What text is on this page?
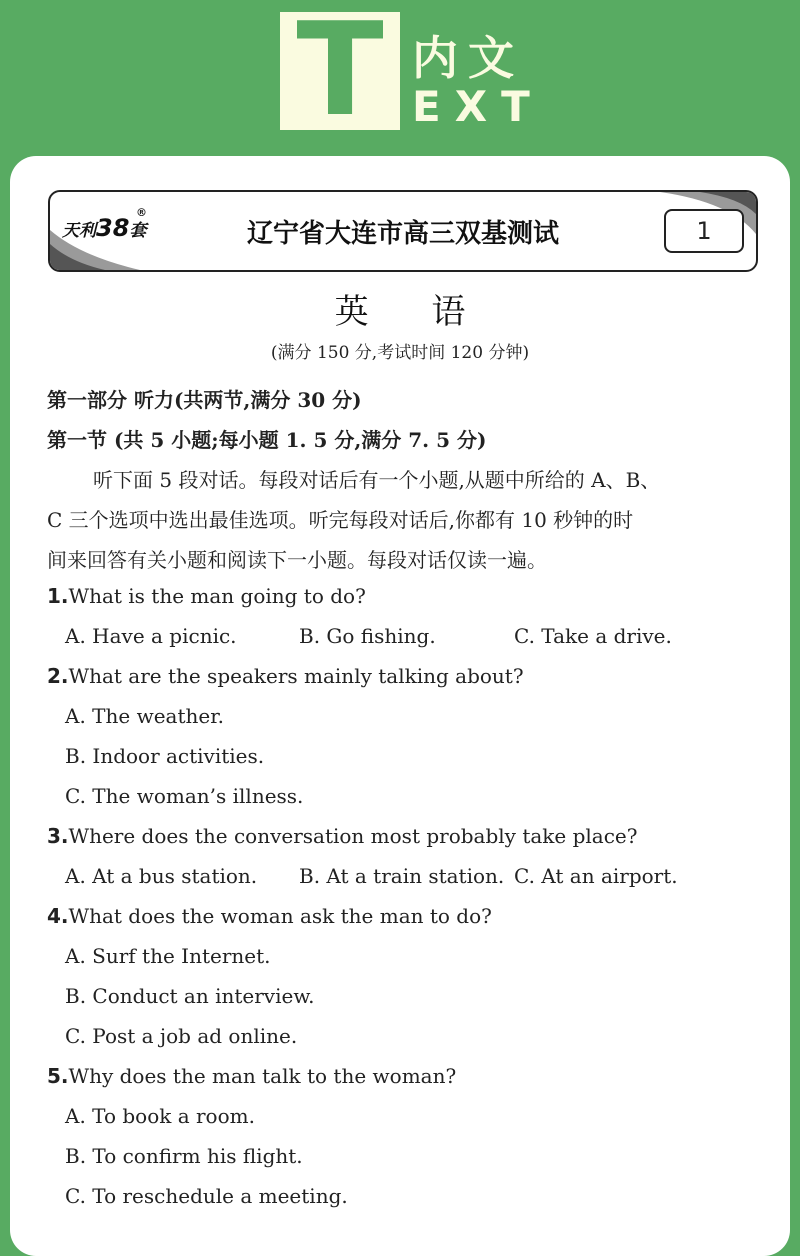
T 内文
EXT
天利38套
®
辽宁省大连市高三双基测试	1
英 语
(满分 150 分,考试时间 120 分钟)
第一部分 听力(共两节,满分 30 分)
第一节 (共 5 小题;每小题 1. 5 分,满分 7. 5 分)
听下面 5 段对话。每段对话后有一个小题,从题中所给的 A、B、
C 三个选项中选出最佳选项。听完每段对话后,你都有 10 秒钟的时
间来回答有关小题和阅读下一小题。每段对话仅读一遍。
1.What is the man going to do?
A. Have a picnic.	B. Go fishing.	C. Take a drive.
2.What are the speakers mainly talking about?
A. The weather.
B. Indoor activities.
C. The woman’s illness.
3.Where does the conversation most probably take place?
A. At a bus station. B. At a train station. C. At an airport.
4.What does the woman ask the man to do?
A. Surf the Internet.
B. Conduct an interview.
C. Post a job ad online.
5.Why does the man talk to the woman?
A. To book a room.
B. To confirm his flight.
C. To reschedule a meeting.
